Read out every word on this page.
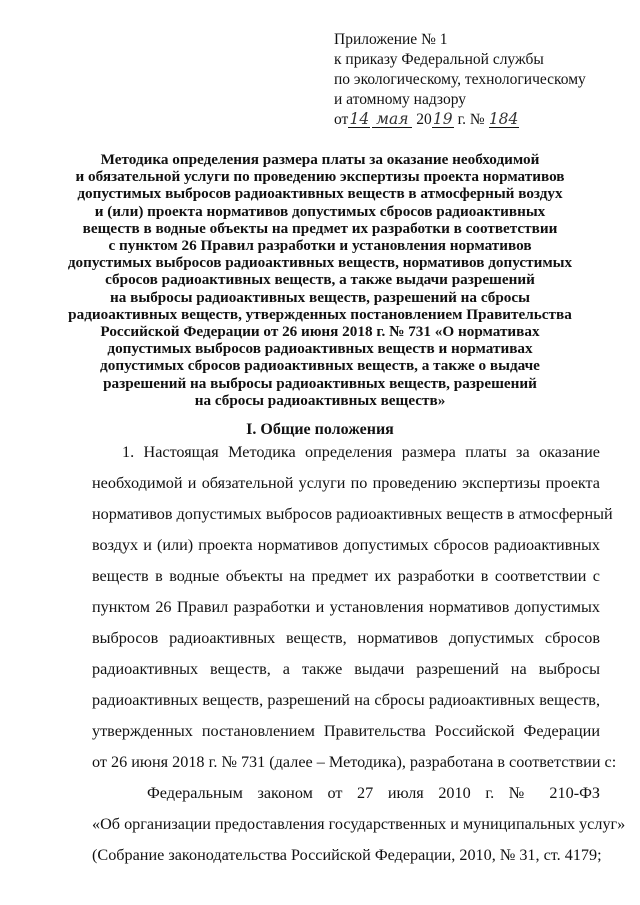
Приложение № 1
к приказу Федеральной службы
по экологическому, технологическому
и атомному надзору
от14 мая 2019 г. № 184
Методика определения размера платы за оказание необходимой
и обязательной услуги по проведению экспертизы проекта нормативов
допустимых выбросов радиоактивных веществ в атмосферный воздух
и (или) проекта нормативов допустимых сбросов радиоактивных
веществ в водные объекты на предмет их разработки в соответствии
с пунктом 26 Правил разработки и установления нормативов
допустимых выбросов радиоактивных веществ, нормативов допустимых
сбросов радиоактивных веществ, а также выдачи разрешений
на выбросы радиоактивных веществ, разрешений на сбросы
радиоактивных веществ, утвержденных постановлением Правительства
Российской Федерации от 26 июня 2018 г. № 731 «О нормативах
допустимых выбросов радиоактивных веществ и нормативах
допустимых сбросов радиоактивных веществ, а также о выдаче
разрешений на выбросы радиоактивных веществ, разрешений
на сбросы радиоактивных веществ»
I. Общие положения
1. Настоящая Методика определения размера платы за оказание
необходимой и обязательной услуги по проведению экспертизы проекта
нормативов допустимых выбросов радиоактивных веществ в атмосферный
воздух и (или) проекта нормативов допустимых сбросов радиоактивных
веществ в водные объекты на предмет их разработки в соответствии с
пунктом 26 Правил разработки и установления нормативов допустимых
выбросов радиоактивных веществ, нормативов допустимых сбросов
радиоактивных веществ, а также выдачи разрешений на выбросы
радиоактивных веществ, разрешений на сбросы радиоактивных веществ,
утвержденных постановлением Правительства Российской Федерации
от 26 июня 2018 г. № 731 (далее – Методика), разработана в соответствии с:
Федеральным законом от 27 июля 2010 г. № 210-ФЗ
«Об организации предоставления государственных и муниципальных услуг»
(Собрание законодательства Российской Федерации, 2010, № 31, ст. 4179;
